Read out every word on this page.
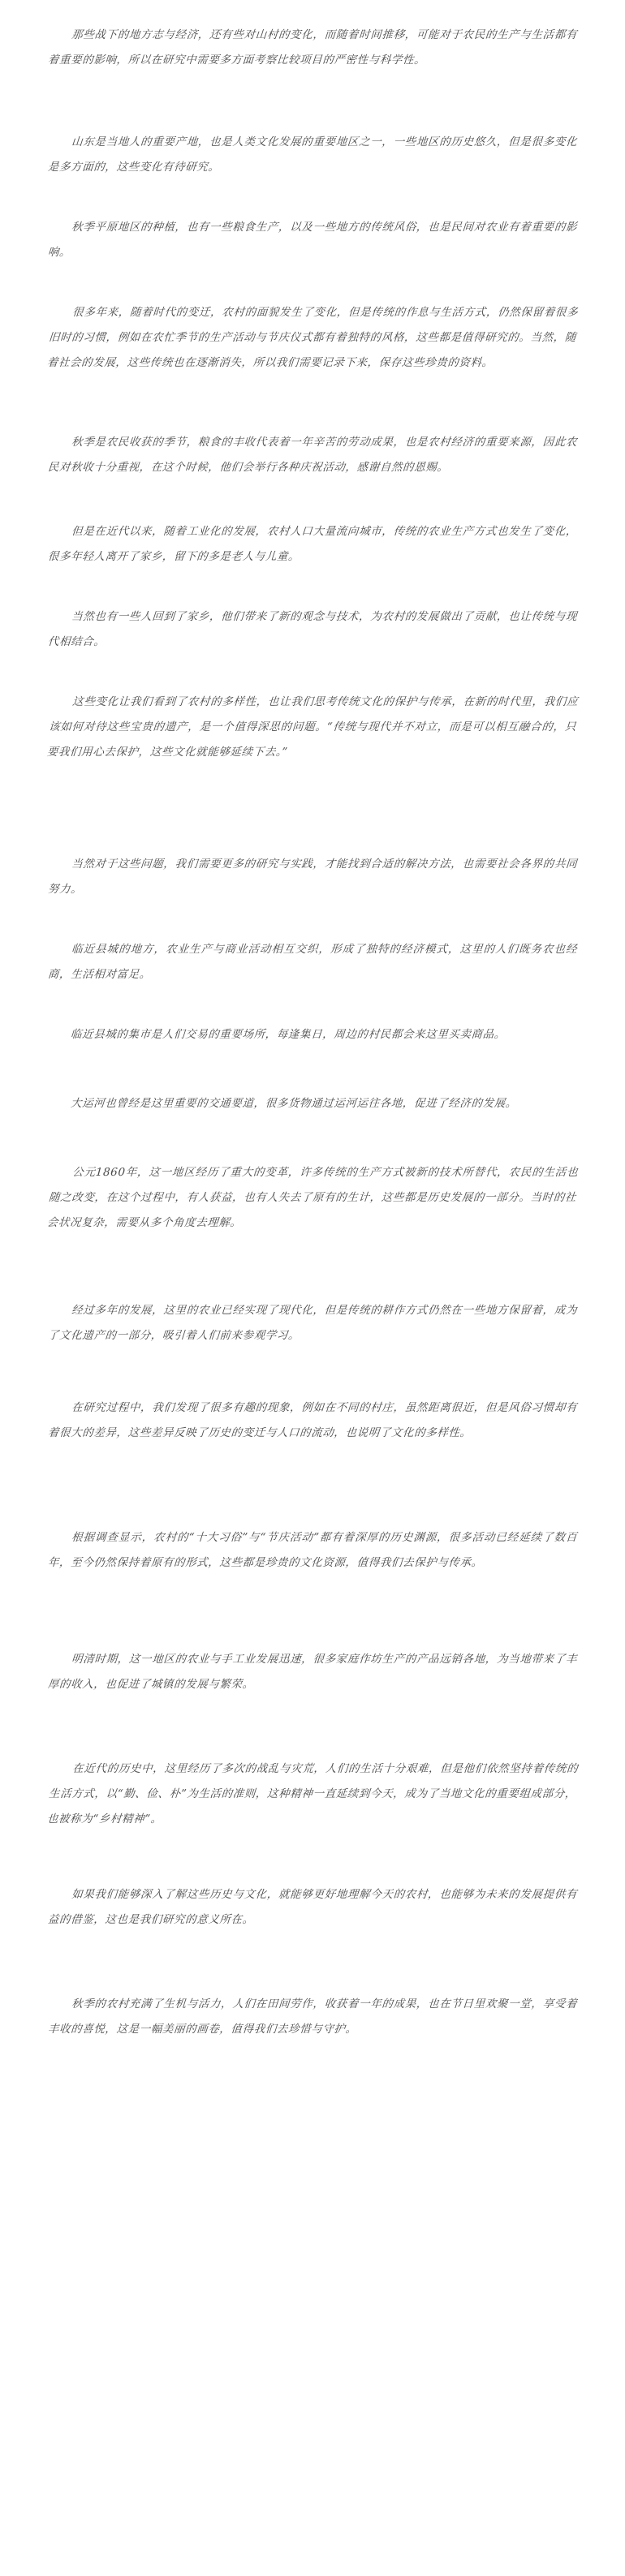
那些战下的地方志与经济，还有些对山村的变化，而随着时间推移，可能对于农民的生产与生活都有着重要的影响，所以在研究中需要多方面考察比较项目的严密性与科学性。

山东是当地人的重要产地，也是人类文化发展的重要地区之一，一些地区的历史悠久，但是很多变化是多方面的，这些变化有待研究。

秋季平原地区的种植，也有一些粮食生产，以及一些地方的传统风俗，也是民间对农业有着重要的影响。

很多年来，随着时代的变迁，农村的面貌发生了变化，但是传统的作息与生活方式，仍然保留着很多旧时的习惯，例如在农忙季节的生产活动与节庆仪式都有着独特的风格，这些都是值得研究的。当然，随着社会的发展，这些传统也在逐渐消失，所以我们需要记录下来，保存这些珍贵的资料。

秋季是农民收获的季节，粮食的丰收代表着一年辛苦的劳动成果，也是农村经济的重要来源，因此农民对秋收十分重视，在这个时候，他们会举行各种庆祝活动，感谢自然的恩赐。

但是在近代以来，随着工业化的发展，农村人口大量流向城市，传统的农业生产方式也发生了变化，很多年轻人离开了家乡，留下的多是老人与儿童。

当然也有一些人回到了家乡，他们带来了新的观念与技术，为农村的发展做出了贡献，也让传统与现代相结合。

这些变化让我们看到了农村的多样性，也让我们思考传统文化的保护与传承，在新的时代里，我们应该如何对待这些宝贵的遗产，是一个值得深思的问题。“传统与现代并不对立，而是可以相互融合的，只要我们用心去保护，这些文化就能够延续下去。”

当然对于这些问题，我们需要更多的研究与实践，才能找到合适的解决方法，也需要社会各界的共同努力。

临近县城的地方，农业生产与商业活动相互交织，形成了独特的经济模式，这里的人们既务农也经商，生活相对富足。

临近县城的集市是人们交易的重要场所，每逢集日，周边的村民都会来这里买卖商品。

大运河也曾经是这里重要的交通要道，很多货物通过运河运往各地，促进了经济的发展。

公元1860年，这一地区经历了重大的变革，许多传统的生产方式被新的技术所替代，农民的生活也随之改变，在这个过程中，有人获益，也有人失去了原有的生计，这些都是历史发展的一部分。当时的社会状况复杂，需要从多个角度去理解。

经过多年的发展，这里的农业已经实现了现代化，但是传统的耕作方式仍然在一些地方保留着，成为了文化遗产的一部分，吸引着人们前来参观学习。

在研究过程中，我们发现了很多有趣的现象，例如在不同的村庄，虽然距离很近，但是风俗习惯却有着很大的差异，这些差异反映了历史的变迁与人口的流动，也说明了文化的多样性。

根据调查显示，农村的“十大习俗”与“节庆活动”都有着深厚的历史渊源，很多活动已经延续了数百年，至今仍然保持着原有的形式，这些都是珍贵的文化资源，值得我们去保护与传承。

明清时期，这一地区的农业与手工业发展迅速，很多家庭作坊生产的产品远销各地，为当地带来了丰厚的收入，也促进了城镇的发展与繁荣。

在近代的历史中，这里经历了多次的战乱与灾荒，人们的生活十分艰难，但是他们依然坚持着传统的生活方式，以“勤、俭、朴”为生活的准则，这种精神一直延续到今天，成为了当地文化的重要组成部分，也被称为“乡村精神”。

如果我们能够深入了解这些历史与文化，就能够更好地理解今天的农村，也能够为未来的发展提供有益的借鉴，这也是我们研究的意义所在。

秋季的农村充满了生机与活力，人们在田间劳作，收获着一年的成果，也在节日里欢聚一堂，享受着丰收的喜悦，这是一幅美丽的画卷，值得我们去珍惜与守护。
